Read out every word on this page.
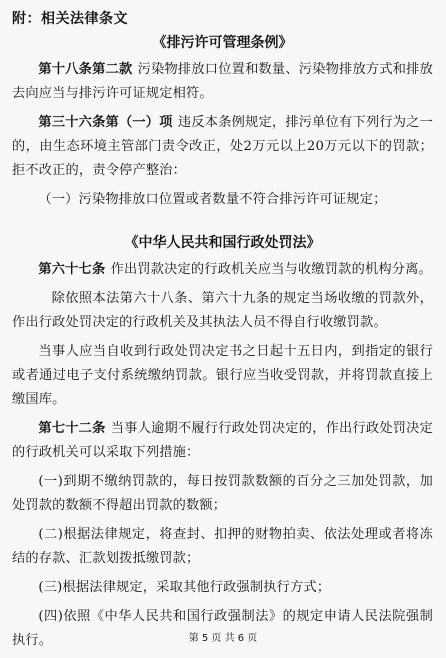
附：相关法律条文
《排污许可管理条例》

第十八条第二款 污染物排放口位置和数量、污染物排放方式和排放去向应当与排污许可证规定相符。

第三十六条第（一）项 违反本条例规定，排污单位有下列行为之一的，由生态环境主管部门责令改正，处2万元以上20万元以下的罚款；拒不改正的，责令停产整治：

（一）污染物排放口位置或者数量不符合排污许可证规定；

《中华人民共和国行政处罚法》

第六十七条 作出罚款决定的行政机关应当与收缴罚款的机构分离。

除依照本法第六十八条、第六十九条的规定当场收缴的罚款外，作出行政处罚决定的行政机关及其执法人员不得自行收缴罚款。

当事人应当自收到行政处罚决定书之日起十五日内，到指定的银行或者通过电子支付系统缴纳罚款。银行应当收受罚款，并将罚款直接上缴国库。

第七十二条 当事人逾期不履行行政处罚决定的，作出行政处罚决定的行政机关可以采取下列措施：

(一)到期不缴纳罚款的，每日按罚款数额的百分之三加处罚款，加处罚款的数额不得超出罚款的数额；

(二)根据法律规定，将查封、扣押的财物拍卖、依法处理或者将冻结的存款、汇款划拨抵缴罚款；

(三)根据法律规定，采取其他行政强制执行方式；

(四)依照《中华人民共和国行政强制法》的规定申请人民法院强制执行。	第 5 页 共 6 页
